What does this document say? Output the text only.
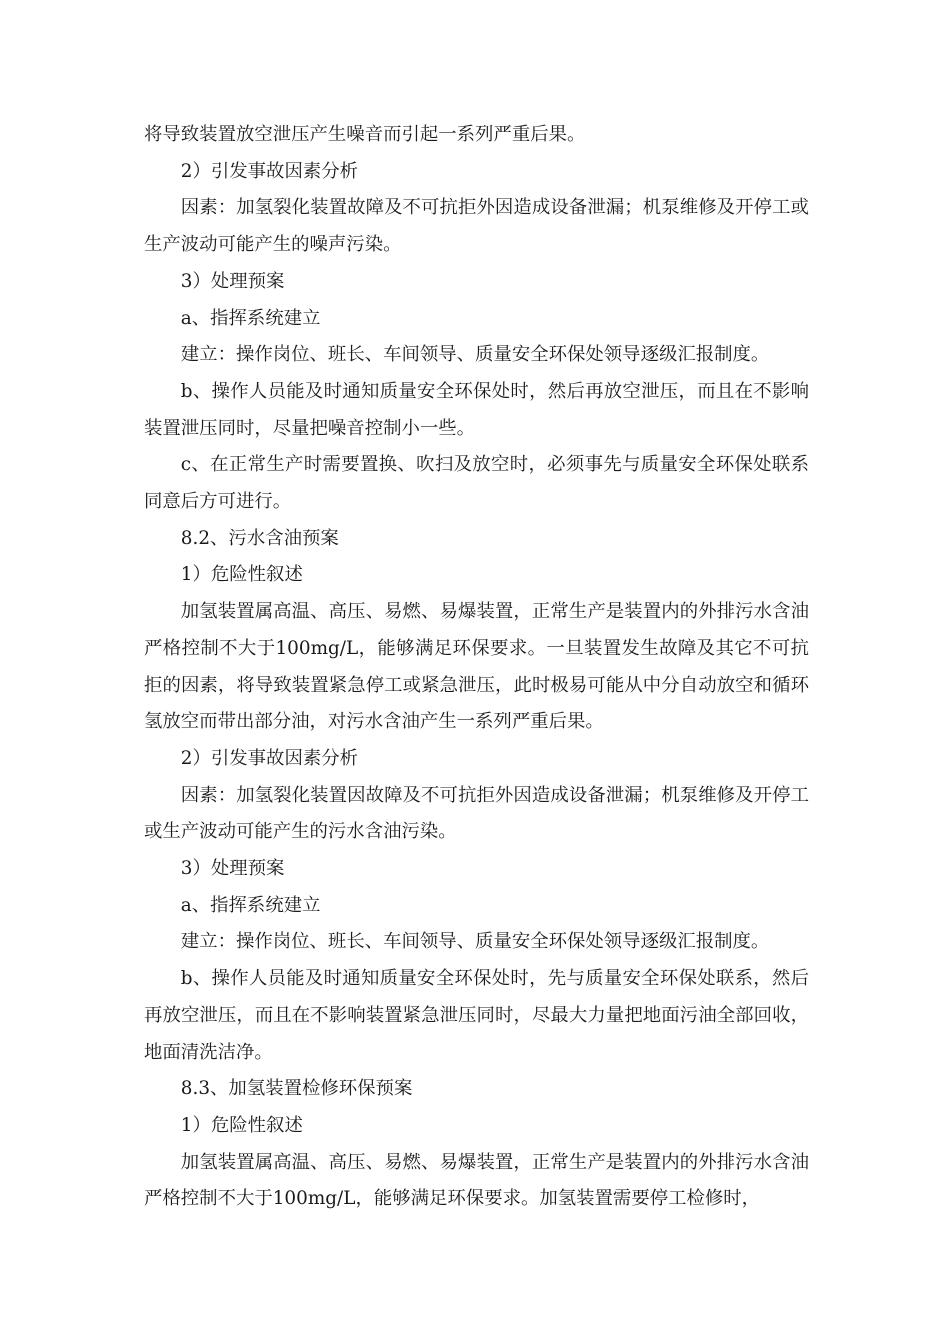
将导致装置放空泄压产生噪音而引起一系列严重后果。

2）引发事故因素分析

因素：加氢裂化装置故障及不可抗拒外因造成设备泄漏；机泵维修及开停工或生产波动可能产生的噪声污染。

3）处理预案

a、指挥系统建立

建立：操作岗位、班长、车间领导、质量安全环保处领导逐级汇报制度。

b、操作人员能及时通知质量安全环保处时，然后再放空泄压，而且在不影响装置泄压同时，尽量把噪音控制小一些。

c、在正常生产时需要置换、吹扫及放空时，必须事先与质量安全环保处联系同意后方可进行。

8.2、污水含油预案

1）危险性叙述

加氢装置属高温、高压、易燃、易爆装置，正常生产是装置内的外排污水含油严格控制不大于100mg/L，能够满足环保要求。一旦装置发生故障及其它不可抗拒的因素，将导致装置紧急停工或紧急泄压，此时极易可能从中分自动放空和循环氢放空而带出部分油，对污水含油产生一系列严重后果。

2）引发事故因素分析

因素：加氢裂化装置因故障及不可抗拒外因造成设备泄漏；机泵维修及开停工或生产波动可能产生的污水含油污染。

3）处理预案

a、指挥系统建立

建立：操作岗位、班长、车间领导、质量安全环保处领导逐级汇报制度。

b、操作人员能及时通知质量安全环保处时，先与质量安全环保处联系，然后再放空泄压，而且在不影响装置紧急泄压同时，尽最大力量把地面污油全部回收，地面清洗洁净。

8.3、加氢装置检修环保预案

1）危险性叙述

加氢装置属高温、高压、易燃、易爆装置，正常生产是装置内的外排污水含油严格控制不大于100mg/L，能够满足环保要求。加氢装置需要停工检修时，
